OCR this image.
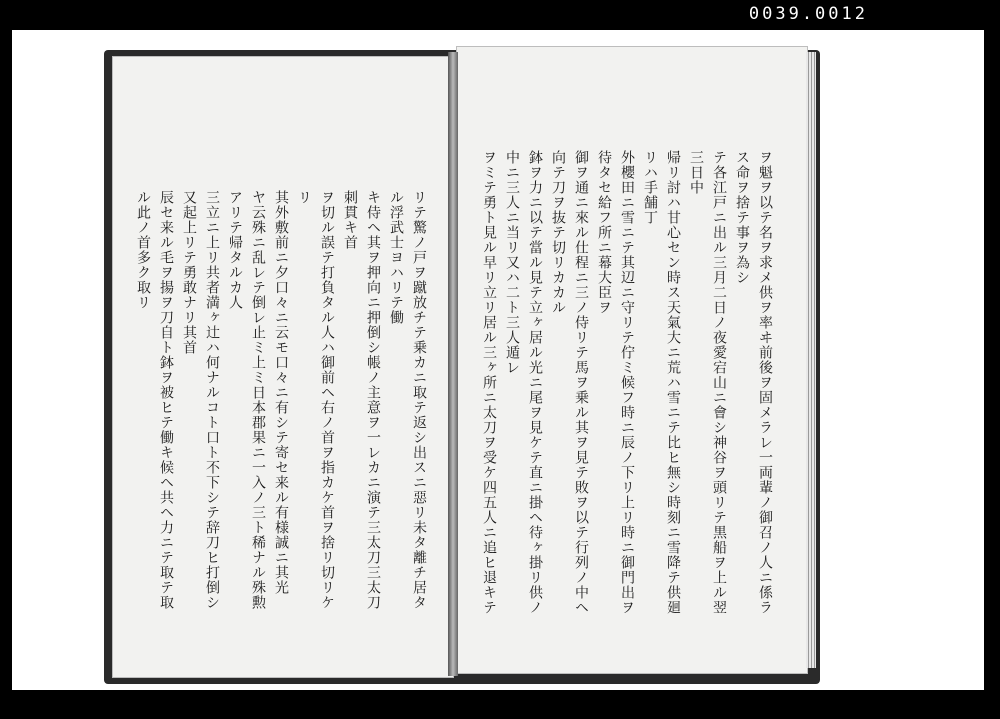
0039.0012

リテ驚ノ戸ヲ蹴放チテ乗カニ取テ返シ出スニ惡リ未タ離チ居タル浮武士ヨハリテ働

キ侍ヘ其ヲ押向ニ押倒シ帳ノ主意ヲ一レカニ演テ三太刀三太刀刺貫キ首

ヲ切ル誤テ打負タル人ハ御前ヘ右ノ首ヲ指カケ首ヲ捨リ切リケリ

其外敷前ニ夕口々ニ云モ口々ニ有シテ寄セ来ル有様誠ニ其光

ヤ云殊ニ乱レテ倒レ止ミ上ミ日本郡果ニ一入ノ三ト稀ナル殊勲アリテ帰タルカ人

三立ニ上リ共者満ヶ辻ハ何ナルコト口ト不下シテ辞刀ヒ打倒シ又起上リテ勇敢ナリ其首

辰セ来ル毛ヲ揚ヲ刀自ト鉢ヲ被ヒテ働キ候ヘ共ヘ力ニテ取テ取ル此ノ首多ク取リ	ヲ魁ヲ以テ名ヲ求メ供ヲ率ヰ前後ヲ固メラレ一両輩ノ御召ノ人ニ係ラス命ヲ捨テ事ヲ為シ

テ各江戸ニ出ル三月二日ノ夜愛宕山ニ會シ神谷ヲ頭リテ黒船ヲ上ル翌三日中

帰リ討ハ甘心セン時ス天氣大ニ荒ハ雪ニテ比ヒ無シ時刻ニ雪降テ供廻リハ手舗丁

外櫻田ニ雪ニテ其辺ニ守リテ佇ミ候フ時ニ辰ノ下リ上リ時ニ御門出ヲ待タセ給フ所ニ幕大臣ヲ

御ヲ通ニ來ル仕程ニ三ノ侍リテ馬ヲ乗ル其ヲ見テ敗ヲ以テ行列ノ中ヘ向テ刀ヲ抜テ切リカカル

鉢ヲ力ニ以テ當ル見テ立ヶ居ル光ニ尾ヲ見ケテ直ニ掛ヘ待ヶ掛リ供ノ中ニ三人ニ当リ又ハ二ト三人遁レ

ヲミテ勇ト見ル早リ立リ居ル三ヶ所ニ太刀ヲ受ケ四五人ニ追ヒ退キテ
